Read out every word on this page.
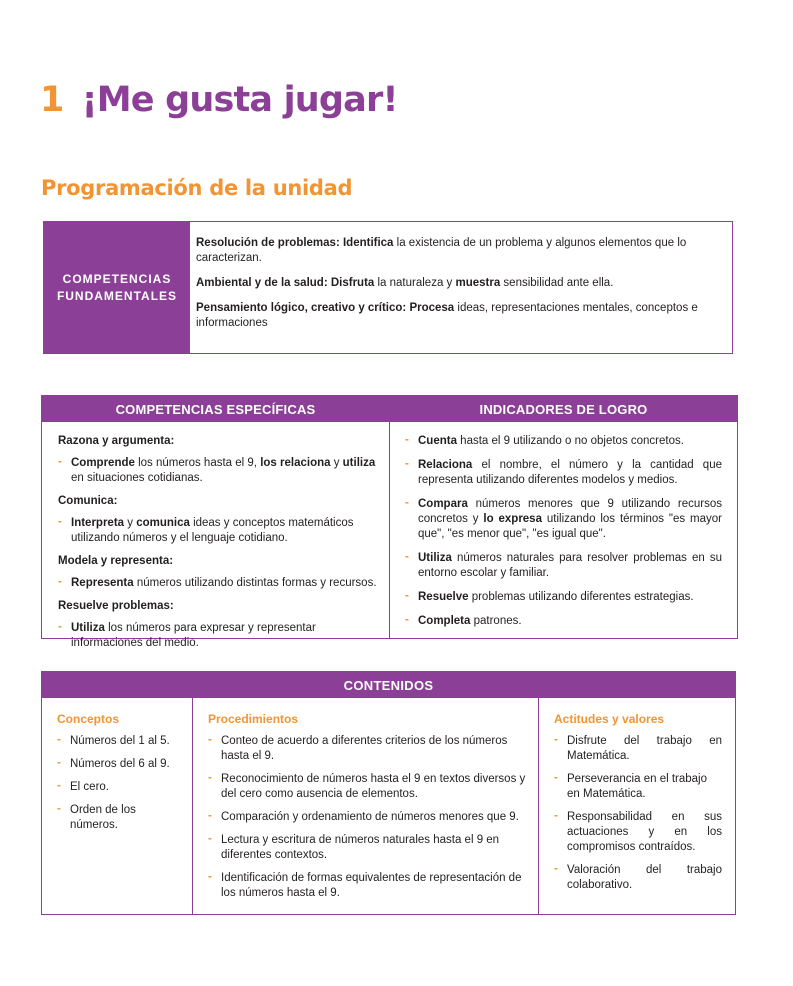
1 ¡Me gusta jugar!
Programación de la unidad
COMPETENCIAS
FUNDAMENTALES

Resolución de problemas: Identifica la existencia de un problema y algunos elementos que lo caracterizan.

Ambiental y de la salud: Disfruta la naturaleza y muestra sensibilidad ante ella.

Pensamiento lógico, creativo y crítico: Procesa ideas, representaciones mentales, conceptos e informaciones

COMPETENCIAS ESPECÍFICAS	INDICADORES DE LOGRO
Razona y argumenta:
- Comprende los números hasta el 9, los relaciona y utiliza en situaciones cotidianas.
Comunica:
- Interpreta y comunica ideas y conceptos matemáticos utilizando números y el lenguaje cotidiano.
Modela y representa:
- Representa números utilizando distintas formas y recursos.
Resuelve problemas:
- Utiliza los números para expresar y representar informaciones del medio.
- Cuenta hasta el 9 utilizando o no objetos concretos.
- Relaciona el nombre, el número y la cantidad que representa utilizando diferentes modelos y medios.
- Compara números menores que 9 utilizando recursos concretos y lo expresa utilizando los términos "es mayor que", "es menor que", "es igual que".
- Utiliza números naturales para resolver problemas en su entorno escolar y familiar.
- Resuelve problemas utilizando diferentes estrategias.
- Completa patrones.
CONTENIDOS
Conceptos
- Números del 1 al 5.
- Números del 6 al 9.
- El cero.
- Orden de los números.
Procedimientos
- Conteo de acuerdo a diferentes criterios de los números hasta el 9.
- Reconocimiento de números hasta el 9 en textos diversos y del cero como ausencia de elementos.
- Comparación y ordenamiento de números menores que 9.
- Lectura y escritura de números naturales hasta el 9 en diferentes contextos.
- Identificación de formas equivalentes de representación de los números hasta el 9.
Actitudes y valores
- Disfrute del trabajo en Matemática.
- Perseverancia en el trabajo en Matemática.
- Responsabilidad en sus actuaciones y en los compromisos contraídos.
- Valoración del trabajo colaborativo.
